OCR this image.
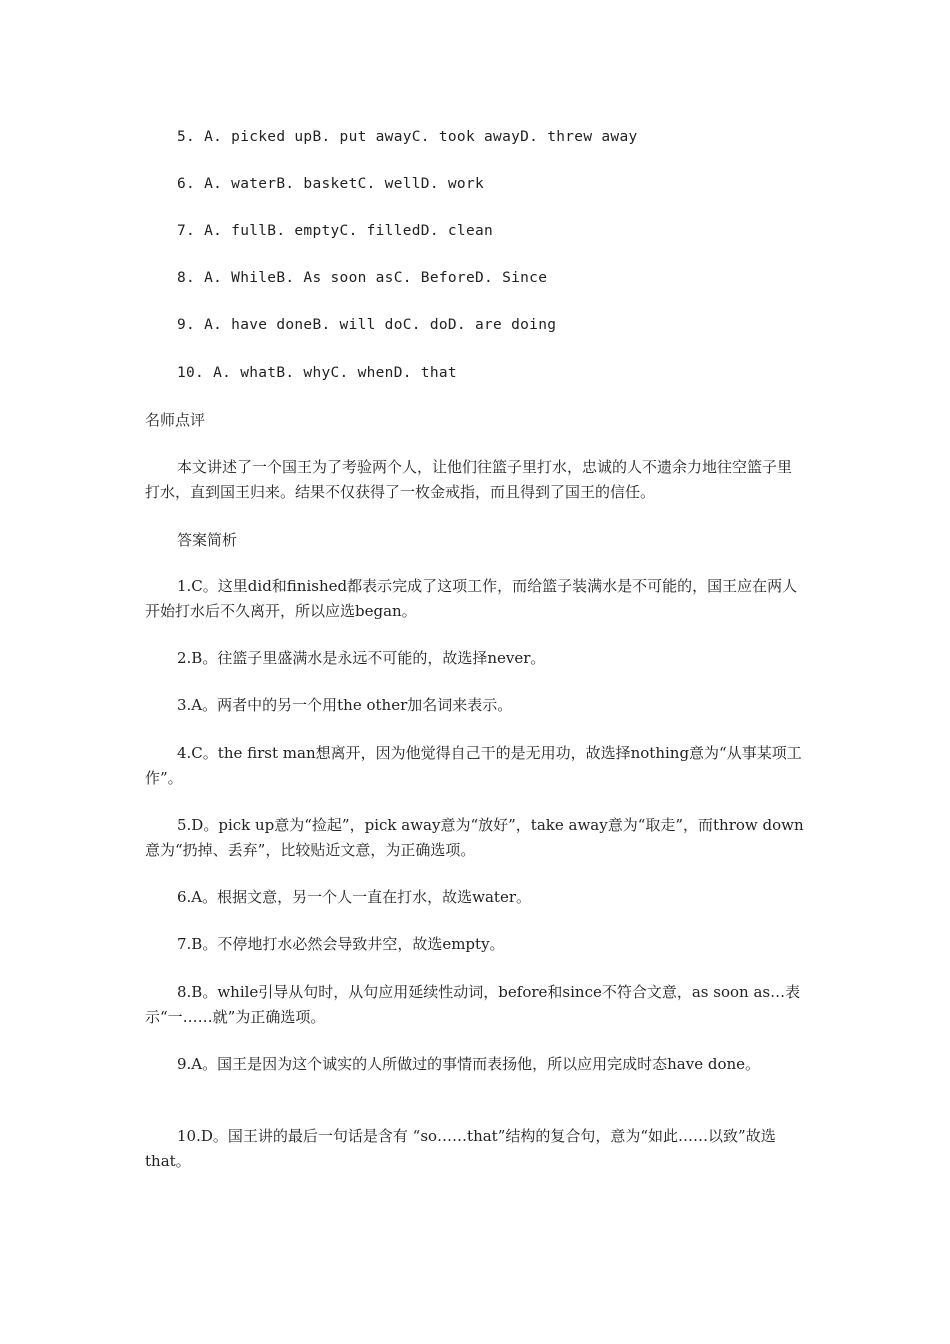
5. A. picked upB. put awayC. took awayD. threw away
6. A. waterB. basketC. wellD. work
7. A. fullB. emptyC. filledD. clean
8. A. WhileB. As soon asC. BeforeD. Since
9. A. have doneB. will doC. doD. are doing
10. A. whatB. whyC. whenD. that
名师点评
本文讲述了一个国王为了考验两个人，让他们往篮子里打水，忠诚的人不遗余力地往空篮子里打水，直到国王归来。结果不仅获得了一枚金戒指，而且得到了国王的信任。
答案简析
1.C。这里did和finished都表示完成了这项工作，而给篮子装满水是不可能的，国王应在两人开始打水后不久离开，所以应选began。
2.B。往篮子里盛满水是永远不可能的，故选择never。
3.A。两者中的另一个用the other加名词来表示。
4.C。the first man想离开，因为他觉得自己干的是无用功，故选择nothing意为“从事某项工作”。
5.D。pick up意为“捡起”，pick away意为“放好”，take away意为“取走”，而throw down意为“扔掉、丢弃”，比较贴近文意，为正确选项。
6.A。根据文意，另一个人一直在打水，故选water。
7.B。不停地打水必然会导致井空，故选empty。
8.B。while引导从句时，从句应用延续性动词，before和since不符合文意，as soon as…表示“一……就”为正确选项。
9.A。国王是因为这个诚实的人所做过的事情而表扬他，所以应用完成时态have done。
10.D。国王讲的最后一句话是含有 “so……that”结构的复合句，意为“如此……以致”故选that。
